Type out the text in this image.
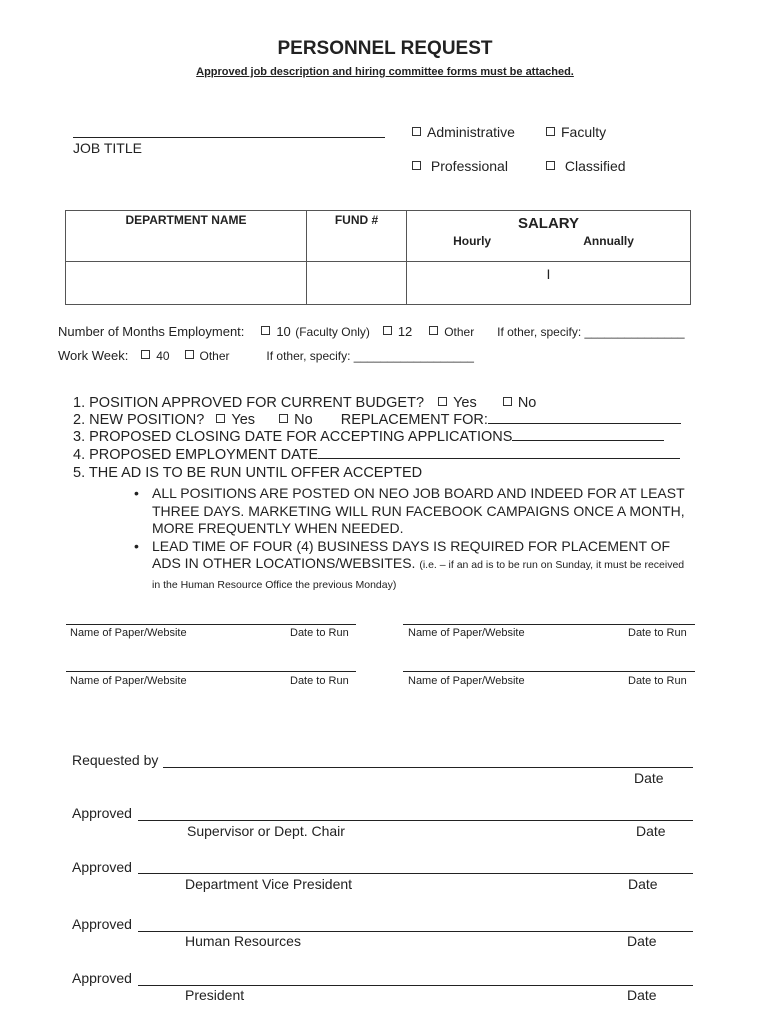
PERSONNEL REQUEST
Approved job description and hiring committee forms must be attached.
JOB TITLE
Administrative	Faculty
Professional	Classified
DEPARTMENT NAME	FUND #	SALARY
Hourly Annually

		I
Number of Months Employment: 10 (Faculty Only) 12	Other If other, specify: _______________
Work Week: 40 Other	If other, specify: __________________
1. POSITION APPROVED FOR CURRENT BUDGET? Yes	No
2. NEW POSITION? Yes	No REPLACEMENT FOR:
3. PROPOSED CLOSING DATE FOR ACCEPTING APPLICATIONS
4. PROPOSED EMPLOYMENT DATE
5. THE AD IS TO BE RUN UNTIL OFFER ACCEPTED
• ALL POSITIONS ARE POSTED ON NEO JOB BOARD AND INDEED FOR AT LEAST THREE DAYS. MARKETING WILL RUN FACEBOOK CAMPAIGNS ONCE A MONTH, MORE FREQUENTLY WHEN NEEDED.
• LEAD TIME OF FOUR (4) BUSINESS DAYS IS REQUIRED FOR PLACEMENT OF ADS IN OTHER LOCATIONS/WEBSITES. (i.e. – if an ad is to be run on Sunday, it must be received in the Human Resource Office the previous Monday)
Name of Paper/Website	Date to Run	Name of Paper/Website	Date to Run
Name of Paper/Website	Date to Run	Name of Paper/Website	Date to Run
Requested by
Date
Approved
Supervisor or Dept. Chair	Date
Approved
Department Vice President	Date
Approved
Human Resources	Date
Approved
President	Date
